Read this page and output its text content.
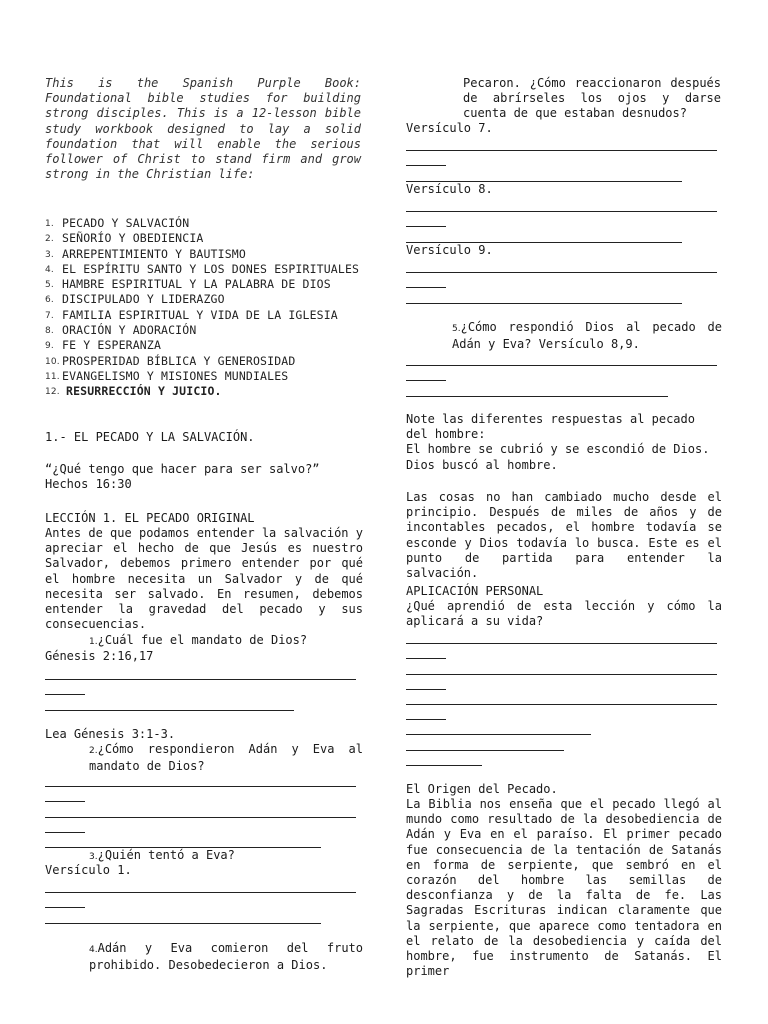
This is the Spanish Purple Book: Foundational bible studies for building strong disciples. This is a 12-lesson bible study workbook designed to lay a solid foundation that will enable the serious follower of Christ to stand firm and grow strong in the Christian life:
1. PECADO Y SALVACIÓN
2. SEÑORÍO Y OBEDIENCIA
3. ARREPENTIMIENTO Y BAUTISMO
4. EL ESPÍRITU SANTO Y LOS DONES ESPIRITUALES
5. HAMBRE ESPIRITUAL Y LA PALABRA DE DIOS
6. DISCIPULADO Y LIDERAZGO
7. FAMILIA ESPIRITUAL Y VIDA DE LA IGLESIA
8. ORACIÓN Y ADORACIÓN
9. FE Y ESPERANZA
10. PROSPERIDAD BÍBLICA Y GENEROSIDAD
11. EVANGELISMO Y MISIONES MUNDIALES
12. RESURRECCIÓN Y JUICIO.
1.- EL PECADO Y LA SALVACIÓN.
“¿Qué tengo que hacer para ser salvo?” Hechos 16:30
LECCIÓN 1. EL PECADO ORIGINAL
Antes de que podamos entender la salvación y apreciar el hecho de que Jesús es nuestro Salvador, debemos primero entender por qué el hombre necesita un Salvador y de qué necesita ser salvado. En resumen, debemos entender la gravedad del pecado y sus consecuencias.
1.¿Cuál fue el mandato de Dios?
Génesis 2:16,17
Lea Génesis 3:1-3.
2.¿Cómo respondieron Adán y Eva al mandato de Dios?
3.¿Quién tentó a Eva?
Versículo 1.
4.Adán y Eva comieron del fruto prohibido. Desobedecieron a Dios.
Pecaron. ¿Cómo reaccionaron después de abrírseles los ojos y darse cuenta de que estaban desnudos?
Versículo 7.
Versículo 8.
Versículo 9.
5.¿Cómo respondió Dios al pecado de Adán y Eva? Versículo 8,9.
Note las diferentes respuestas al pecado del hombre:
El hombre se cubrió y se escondió de Dios.
Dios buscó al hombre.
Las cosas no han cambiado mucho desde el principio. Después de miles de años y de incontables pecados, el hombre todavía se esconde y Dios todavía lo busca. Este es el punto de partida para entender la salvación.
APLICACIÓN PERSONAL
¿Qué aprendió de esta lección y cómo la aplicará a su vida?
El Origen del Pecado.
La Biblia nos enseña que el pecado llegó al mundo como resultado de la desobediencia de Adán y Eva en el paraíso. El primer pecado fue consecuencia de la tentación de Satanás en forma de serpiente, que sembró en el corazón del hombre las semillas de desconfianza y de la falta de fe. Las Sagradas Escrituras indican claramente que la serpiente, que aparece como tentadora en el relato de la desobediencia y caída del hombre, fue instrumento de Satanás. El primer
